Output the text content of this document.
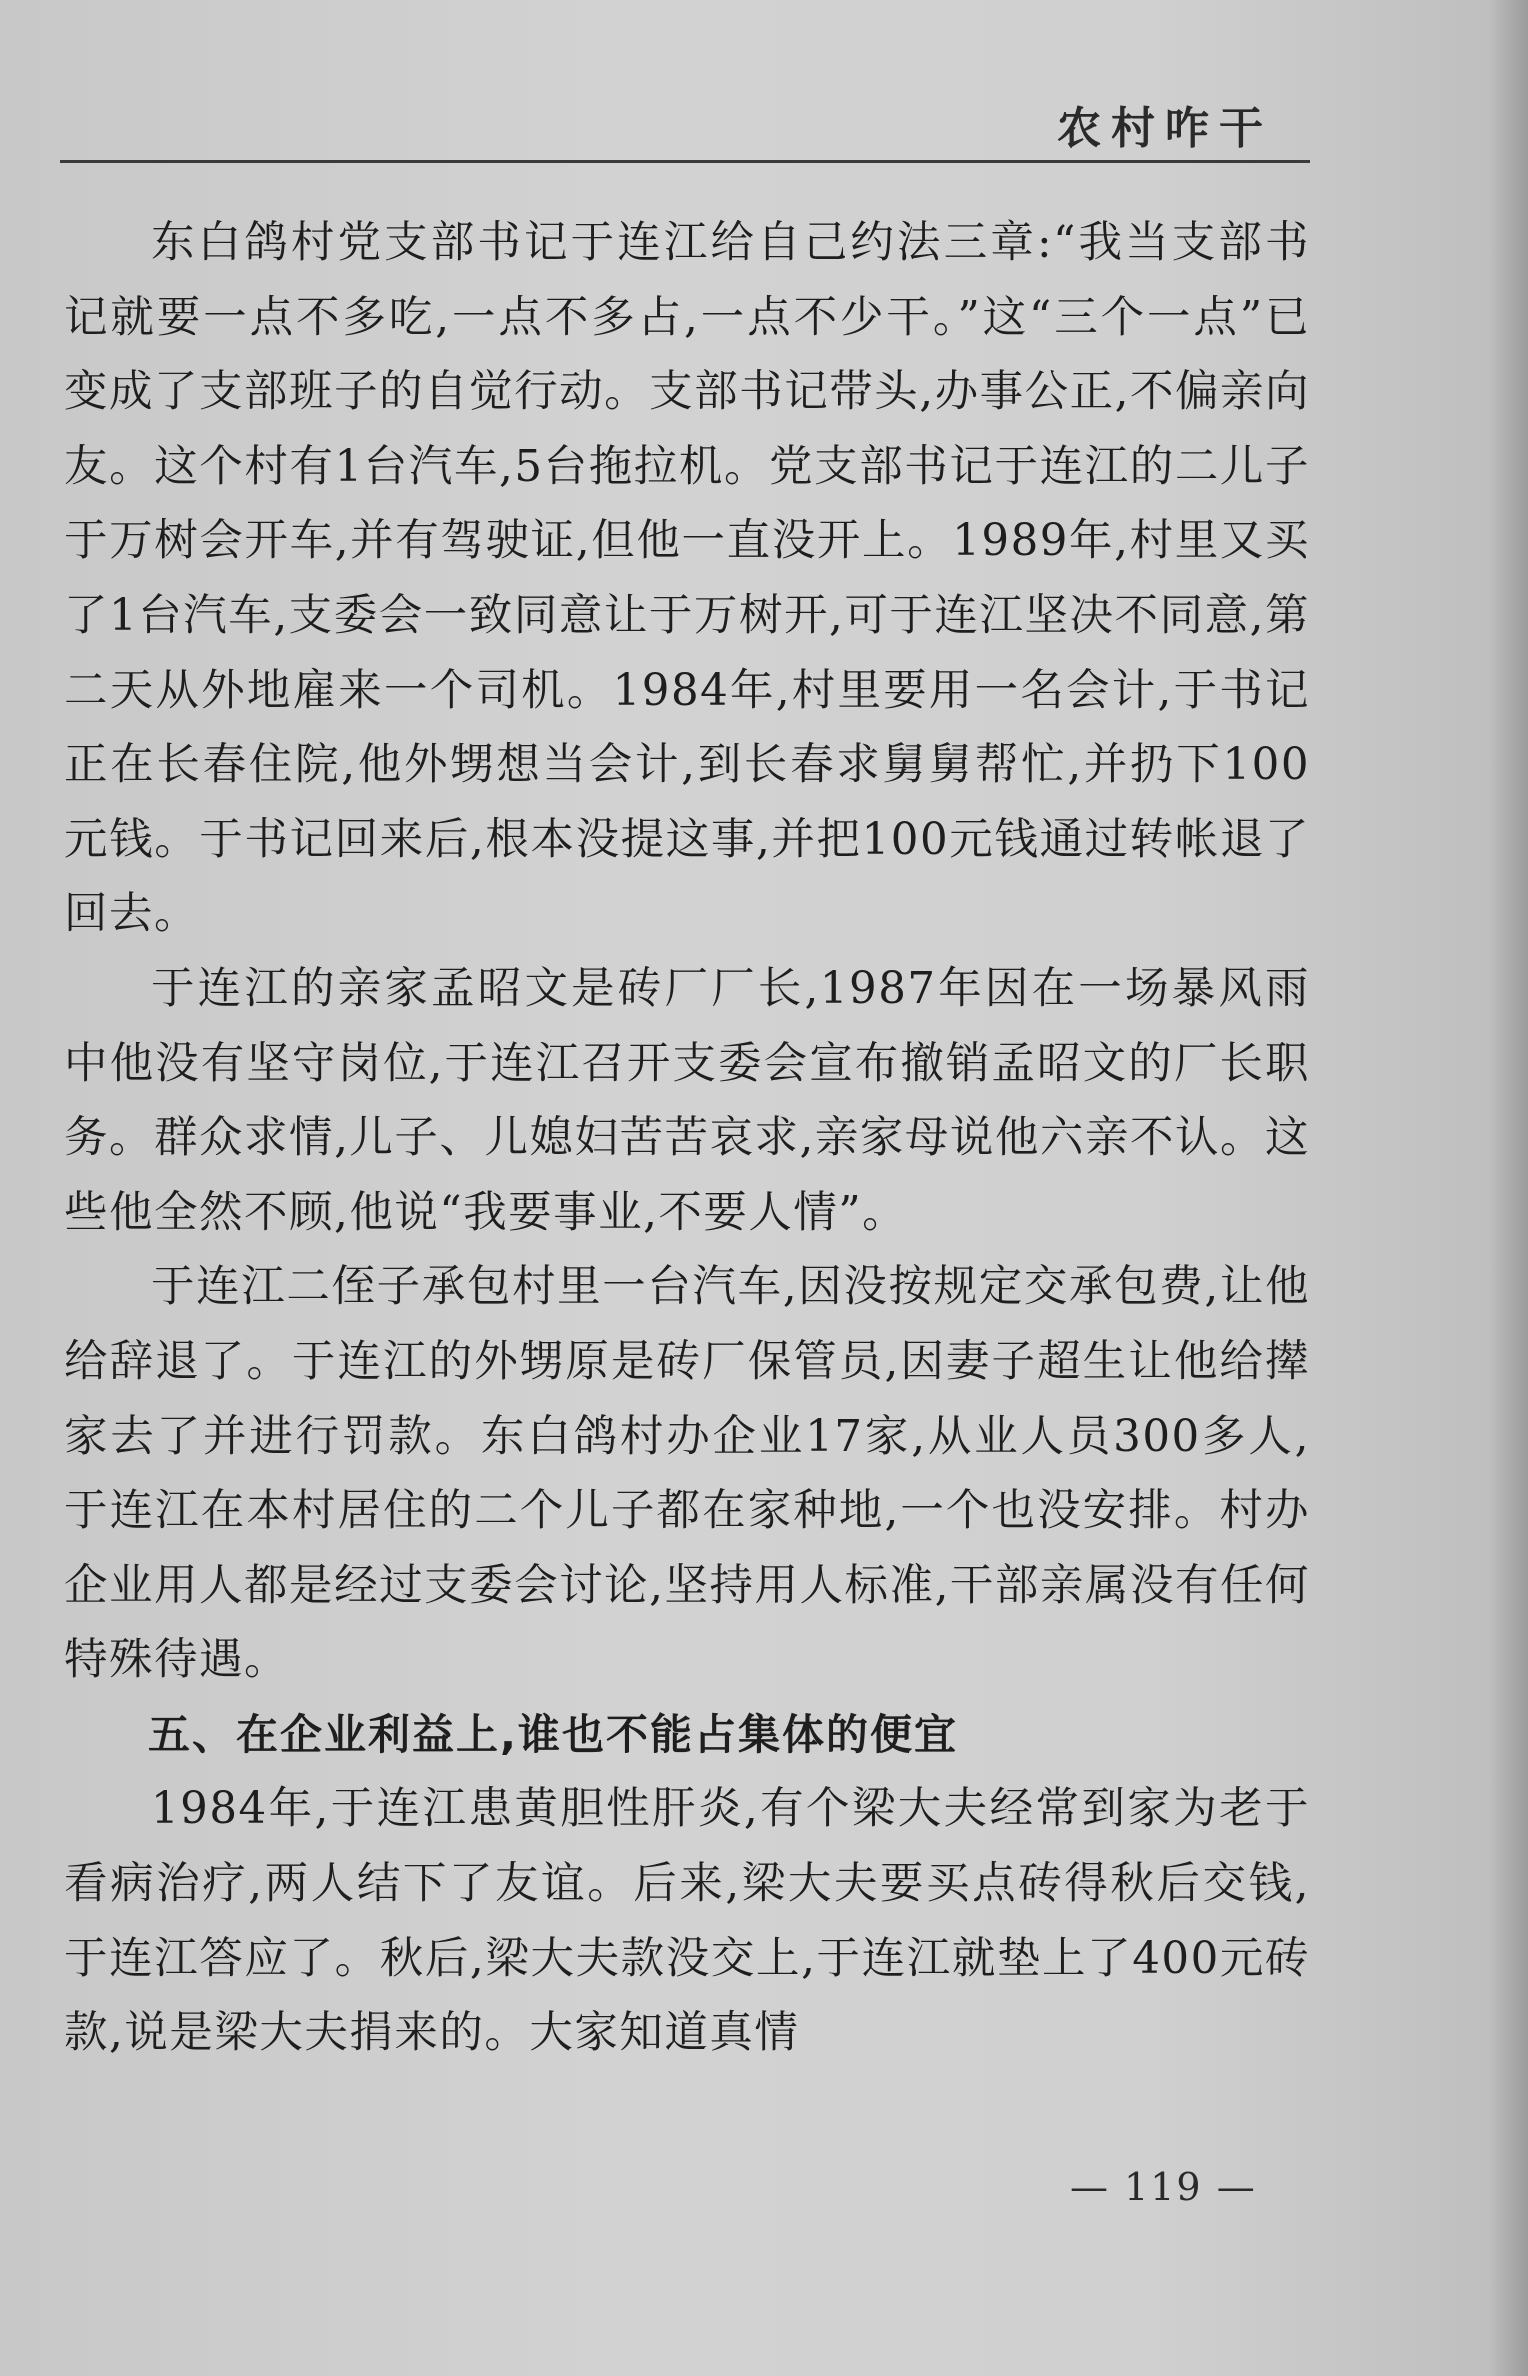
农村咋干

东白鸽村党支部书记于连江给自己约法三章:“我当支部书记就要一点不多吃,一点不多占,一点不少干。”这“三个一点”已变成了支部班子的自觉行动。支部书记带头,办事公正,不偏亲向友。这个村有1台汽车,5台拖拉机。党支部书记于连江的二儿子于万树会开车,并有驾驶证,但他一直没开上。1989年,村里又买了1台汽车,支委会一致同意让于万树开,可于连江坚决不同意,第二天从外地雇来一个司机。1984年,村里要用一名会计,于书记正在长春住院,他外甥想当会计,到长春求舅舅帮忙,并扔下100元钱。于书记回来后,根本没提这事,并把100元钱通过转帐退了回去。

于连江的亲家孟昭文是砖厂厂长,1987年因在一场暴风雨中他没有坚守岗位,于连江召开支委会宣布撤销孟昭文的厂长职务。群众求情,儿子、儿媳妇苦苦哀求,亲家母说他六亲不认。这些他全然不顾,他说“我要事业,不要人情”。

于连江二侄子承包村里一台汽车,因没按规定交承包费,让他给辞退了。于连江的外甥原是砖厂保管员,因妻子超生让他给撵家去了并进行罚款。东白鸽村办企业17家,从业人员300多人,于连江在本村居住的二个儿子都在家种地,一个也没安排。村办企业用人都是经过支委会讨论,坚持用人标准,干部亲属没有任何特殊待遇。

五、在企业利益上,谁也不能占集体的便宜

1984年,于连江患黄胆性肝炎,有个梁大夫经常到家为老于看病治疗,两人结下了友谊。后来,梁大夫要买点砖得秋后交钱,于连江答应了。秋后,梁大夫款没交上,于连江就垫上了400元砖款,说是梁大夫捐来的。大家知道真情

— 119 —
